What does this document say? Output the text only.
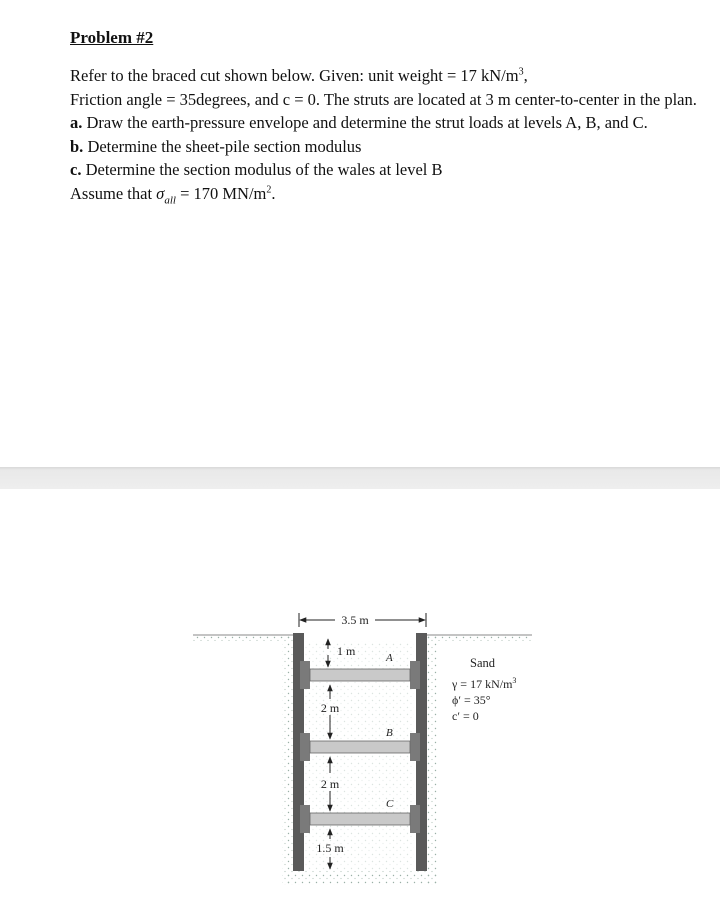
Problem #2

Refer to the braced cut shown below. Given: unit weight = 17 $kN/m^3$,

Friction angle = 35degrees, and c = 0. The struts are located at 3 m center-to-center in the plan.

a. Draw the earth-pressure envelope and determine the strut loads at levels A, B, and C.

b. Determine the sheet-pile section modulus

c. Determine the section modulus of the wales at level B

Assume that $\sigma_{all} = 170$ $MN/m^2$.

3.5 m
1 m
2 m
2 m
1.5 m
A
B
C
Sand
γ = 17 $kN/m^3$
ϕ′ = 35°
c′ = 0
